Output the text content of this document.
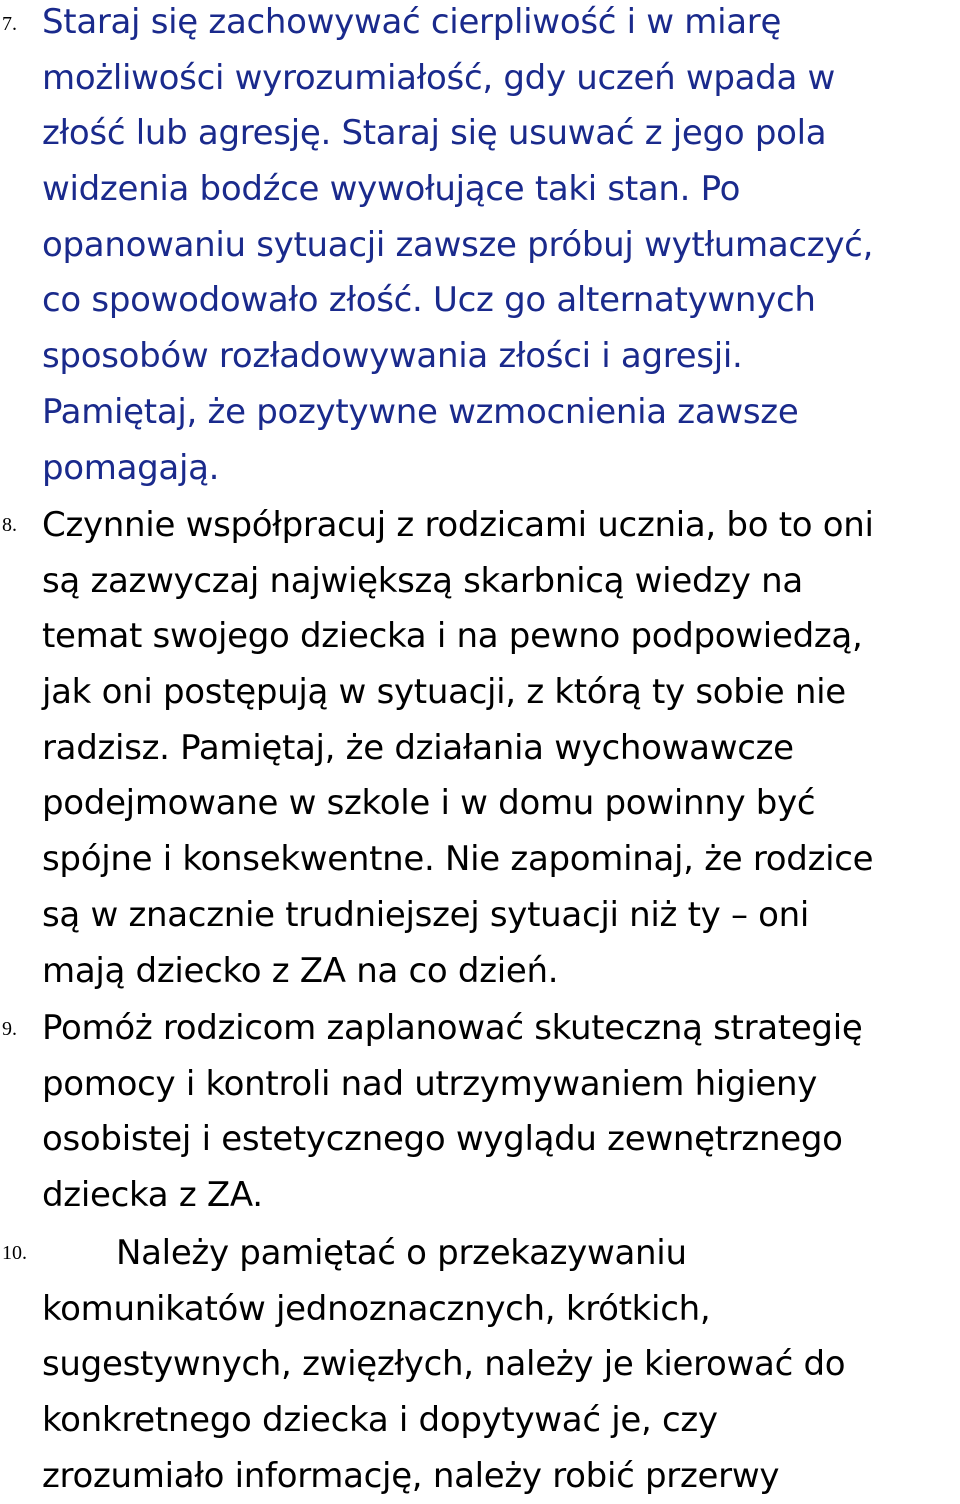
7. Staraj się zachowywać cierpliwość i w miarę
możliwości wyrozumiałość, gdy uczeń wpada w
złość lub agresję. Staraj się usuwać z jego pola
widzenia bodźce wywołujące taki stan. Po
opanowaniu sytuacji zawsze próbuj wytłumaczyć,
co spowodowało złość. Ucz go alternatywnych
sposobów rozładowywania złości i agresji.
Pamiętaj, że pozytywne wzmocnienia zawsze
pomagają.
8. Czynnie współpracuj z rodzicami ucznia, bo to oni
są zazwyczaj największą skarbnicą wiedzy na
temat swojego dziecka i na pewno podpowiedzą,
jak oni postępują w sytuacji, z którą ty sobie nie
radzisz. Pamiętaj, że działania wychowawcze
podejmowane w szkole i w domu powinny być
spójne i konsekwentne. Nie zapominaj, że rodzice
są w znacznie trudniejszej sytuacji niż ty – oni
mają dziecko z ZA na co dzień.
9. Pomóż rodzicom zaplanować skuteczną strategię
pomocy i kontroli nad utrzymywaniem higieny
osobistej i estetycznego wyglądu zewnętrznego
dziecka z ZA.
10.	Należy pamiętać o przekazywaniu
komunikatów jednoznacznych, krótkich,
sugestywnych, zwięzłych, należy je kierować do
konkretnego dziecka i dopytywać je, czy
zrozumiało informację, należy robić przerwy
